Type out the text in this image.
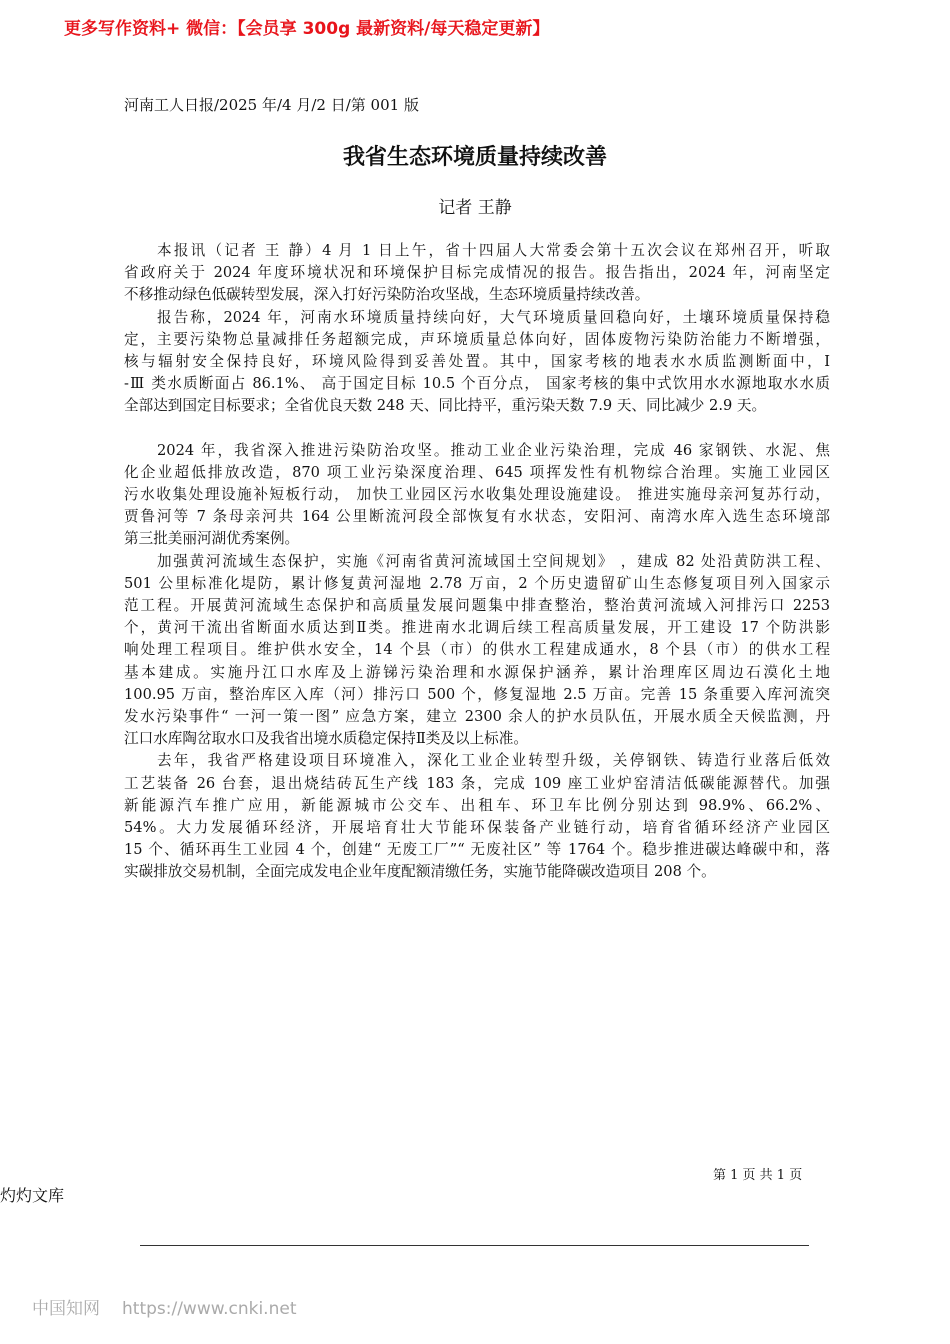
更多写作资料+ 微信：【会员享 300g 最新资料/每天稳定更新】
河南工人日报/2025 年/4 月/2 日/第 001 版
我省生态环境质量持续改善
记者 王静
本报讯（记者 王 静）4 月 1 日上午，省十四届人大常委会第十五次会议在郑州召开，听取
省政府关于 2024 年度环境状况和环境保护目标完成情况的报告。报告指出，2024 年，河南坚定
不移推动绿色低碳转型发展，深入打好污染防治攻坚战，生态环境质量持续改善。
报告称，2024 年，河南水环境质量持续向好，大气环境质量回稳向好，土壤环境质量保持稳
定，主要污染物总量减排任务超额完成，声环境质量总体向好，固体废物污染防治能力不断增强，
核与辐射安全保持良好，环境风险得到妥善处置。其中，国家考核的地表水水质监测断面中，I
-Ⅲ 类水质断面占 86.1%、 高于国定目标 10.5 个百分点， 国家考核的集中式饮用水水源地取水水质
全部达到国定目标要求；全省优良天数 248 天、同比持平，重污染天数 7.9 天、同比减少 2.9 天。
2024 年，我省深入推进污染防治攻坚。推动工业企业污染治理，完成 46 家钢铁、水泥、焦
化企业超低排放改造，870 项工业污染深度治理、645 项挥发性有机物综合治理。实施工业园区
污水收集处理设施补短板行动， 加快工业园区污水收集处理设施建设。 推进实施母亲河复苏行动，
贾鲁河等 7 条母亲河共 164 公里断流河段全部恢复有水状态，安阳河、南湾水库入选生态环境部
第三批美丽河湖优秀案例。
加强黄河流域生态保护，实施《河南省黄河流域国土空间规划》 ，建成 82 处沿黄防洪工程、
501 公里标准化堤防，累计修复黄河湿地 2.78 万亩，2 个历史遗留矿山生态修复项目列入国家示
范工程。开展黄河流域生态保护和高质量发展问题集中排查整治，整治黄河流域入河排污口 2253
个，黄河干流出省断面水质达到Ⅱ类。推进南水北调后续工程高质量发展，开工建设 17 个防洪影
响处理工程项目。维护供水安全，14 个县（市）的供水工程建成通水，8 个县（市）的供水工程
基本建成。实施丹江口水库及上游锑污染治理和水源保护涵养，累计治理库区周边石漠化土地
100.95 万亩，整治库区入库（河）排污口 500 个，修复湿地 2.5 万亩。完善 15 条重要入库河流突
发水污染事件“ 一河一策一图” 应急方案，建立 2300 余人的护水员队伍，开展水质全天候监测，丹
江口水库陶岔取水口及我省出境水质稳定保持Ⅱ类及以上标准。
去年，我省严格建设项目环境准入，深化工业企业转型升级，关停钢铁、铸造行业落后低效
工艺装备 26 台套，退出烧结砖瓦生产线 183 条，完成 109 座工业炉窑清洁低碳能源替代。加强
新能源汽车推广应用，新能源城市公交车、出租车、环卫车比例分别达到 98.9%、66.2%、
54%。大力发展循环经济，开展培育壮大节能环保装备产业链行动，培育省循环经济产业园区
15 个、循环再生工业园 4 个，创建“ 无废工厂”“ 无废社区” 等 1764 个。稳步推进碳达峰碳中和，落
实碳排放交易机制，全面完成发电企业年度配额清缴任务，实施节能降碳改造项目 208 个。
第 1 页 共 1 页
灼灼文库
中国知网 https://www.cnki.net
